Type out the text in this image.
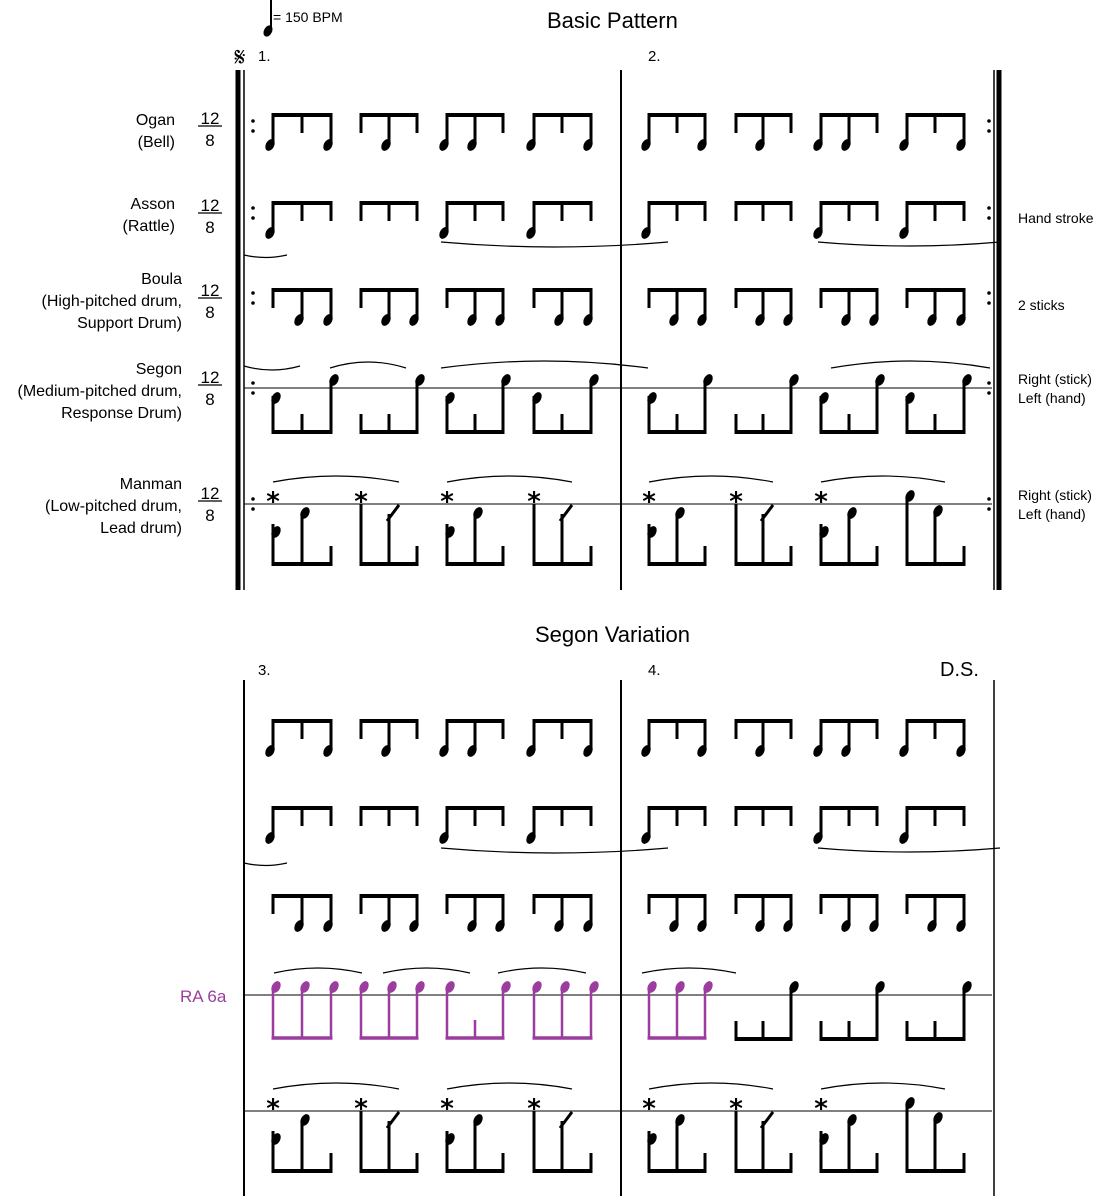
= 150 BPM	Basic Pattern
1.	2.
Ogan
(Bell)
Asson
(Rattle)
Boula
(High-pitched drum,
Support Drum)
Segon
(Medium-pitched drum,
Response Drum)
Manman
(Low-pitched drum,
Lead drum)
12
8
12
8
12
8
12
8
12
8
Hand stroke
2 sticks
Right (stick)
Left (hand)
Right (stick)
Left (hand)
Segon Variation
3.	4.	D.S.
RA 6a
𝄋
*	*	*	*	*	*	*
*	*	*	*	*	*	*
